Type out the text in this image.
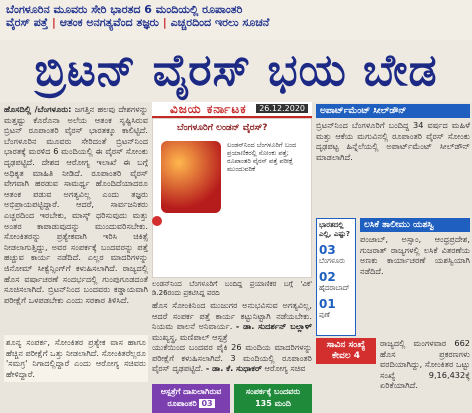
ಬೆಂಗಳೂರಿನ ಮೂವರು ಸೇರಿ ಭಾರತದ 6 ಮಂದಿಯಲ್ಲಿ ರೂಪಾಂತರಿ
ವೈರಸ್ ಪತ್ತೆ | ಆತಂಕ ಅನಗತ್ಯವೆಂದ ತಜ್ಞರು | ಎಚ್ಚರದಿಂದ ಇರಲು ಸೂಚನೆ
ಬ್ರಿಟನ್ ವೈರಸ್ ಭಯ ಬೇಡ
ಹೊಸದಿಲ್ಲಿ /ಬೆಂಗಳೂರು: ಜಗತ್ತಿನ ಹಲವು ದೇಶಗಳನ್ನು ಮತ್ತಷ್ಟು ಕೊರೊನಾ ಅಲೆಯ ಆತಂಕ ಸೃಷ್ಟಿಸಿರುವ ಬ್ರಿಟನ್ ರೂಪಾಂತರಿ ವೈರಸ್ ಭಾರತಕ್ಕೂ ಕಾಲಿಟ್ಟಿದೆ. ಬೆಂಗಳೂರಿನ ಮೂವರು ಸೇರಿದಂತೆ ಬ್ರಿಟನ್‌ನಿಂದ ಭಾರತಕ್ಕೆ ಮರಳಿದ 6 ಮಂದಿಯಲ್ಲಿ ಈ ವೈರಸ್ ಸೋಂಕು ದೃಢಪಟ್ಟಿದೆ. ದೇಶದ ಆರೋಗ್ಯ ಇಲಾಖೆ ಈ ಬಗ್ಗೆ ಅಧಿಕೃತ ಮಾಹಿತಿ ನೀಡಿದೆ. ರೂಪಾಂತರಿ ವೈರಸ್ ವೇಗವಾಗಿ ಹರಡುವ ಸಾಮರ್ಥ್ಯ ಹೊಂದಿದೆಯಾದರೂ ಆತಂಕ ಪಡುವ ಅಗತ್ಯವಿಲ್ಲ ಎಂದು ತಜ್ಞರು ಅಭಿಪ್ರಾಯಪಟ್ಟಿದ್ದಾರೆ. ಆದರೆ, ಸಾರ್ವಜನಿಕರು ಎಚ್ಚರದಿಂದ ಇರಬೇಕು, ಮಾಸ್ಕ್ ಧರಿಸುವುದು ಮತ್ತು ಅಂತರ ಕಾಪಾಡುವುದನ್ನು ಮುಂದುವರಿಸಬೇಕು. ಸೋಂಕಿತರನ್ನು ಪ್ರತ್ಯೇಕವಾಗಿ ಇರಿಸಿ ಚಿಕಿತ್ಸೆ ನೀಡಲಾಗುತ್ತಿದ್ದು, ಅವರ ಸಂಪರ್ಕಕ್ಕೆ ಬಂದವರನ್ನು ಪತ್ತೆ ಹಚ್ಚುವ ಕಾರ್ಯ ನಡೆದಿದೆ. ಎಲ್ಲರ ಮಾದರಿಗಳನ್ನು ಜಿನೋಮ್ ಸೀಕ್ವೆನ್ಸಿಂಗ್‌ಗೆ ಕಳುಹಿಸಲಾಗಿದೆ. ರಾಜ್ಯದಲ್ಲಿ ಹೊಸ ವರ್ಷಾಚರಣೆ ಸಂದರ್ಭದಲ್ಲಿ ಗುಂಪುಗೂಡದಂತೆ ಸೂಚಿಸಲಾಗಿದೆ. ಬ್ರಿಟನ್‌ನಿಂದ ಬಂದವರು ಕಡ್ಡಾಯವಾಗಿ ಪರೀಕ್ಷೆಗೆ ಒಳಪಡಬೇಕು ಎಂದು ಸರಕಾರ ತಿಳಿಸಿದೆ.
ಶೂನ್ಯ ಸಂಪರ್ಕ, ಸೋಂಕಿತರ ಪ್ರತ್ಯೇಕ ವಾಸ ಹಾಗೂ ಹೆಚ್ಚಿನ ಪರೀಕ್ಷೆಗೆ ಒತ್ತು ನೀಡಲಾಗಿದೆ. ಸೋಂಕಿತರೆಲ್ಲರೂ 'ಸಮಗ್ರ' ನಿಗಾದಲ್ಲಿದ್ದಾರೆ ಎಂದು ಆರೋಗ್ಯ ಸಚಿವರು ಹೇಳಿದ್ದಾರೆ.
ವಿಜಯ ಕರ್ನಾಟಕ	26.12.2020
ಬೆಂಗಳೂರಿಗೆ ಲಂಡನ್ ವೈರಸ್?
ಲಂಡನ್‌ನಿಂದ ಬೆಂಗಳೂರಿಗೆ ಬಂದ ಪ್ರಯಾಣಿಕರಲ್ಲಿ ಸೋಂಕು ಪತ್ತೆ; ರೂಪಾಂತರಿ ವೈರಸ್ ಪತ್ತೆ ಪರೀಕ್ಷೆ ಮುಂದುವರಿಕೆ
ಲಂಡನ್‌ನಿಂದ ಬೆಂಗಳೂರಿಗೆ ಬಂದಿದ್ದ ಪ್ರಯಾಣಿಕರ ಬಗ್ಗೆ 'ವಿಕ' ಡಿ.26ರಂದು ಪ್ರಕಟಿಸಿದ್ದ ವರದಿ
ಹೊಸ ಸೋಂಕಿನಿಂದ ಮುಜುಗರ ಅನುಭವಿಸುವ ಅಗತ್ಯವಿಲ್ಲ, ಆದರೆ ಸಂಪರ್ಕ ಪತ್ತೆ ಕಾರ್ಯ ಕಟ್ಟುನಿಟ್ಟಾಗಿ ನಡೆಯಬೇಕು. ನಿಯಮ ಪಾಲನೆ ಅನಿವಾರ್ಯ. - ಡಾ. ಸುದರ್ಶನ್ ಬಲ್ಲಾಳ್ ಮುಖ್ಯಸ್ಥ, ಮಣಿಪಾಲ್ ಆಸ್ಪತ್ರೆ
ಯುಕೆಯಿಂದ ಬಂದವರ ಪೈಕಿ 26 ಮಂದಿಯ ಮಾದರಿಗಳನ್ನು ಪರೀಕ್ಷೆಗೆ ಕಳುಹಿಸಲಾಗಿದೆ. 3 ಮಂದಿಯಲ್ಲಿ ರೂಪಾಂತರಿ ವೈರಸ್ ದೃಢಪಟ್ಟಿದೆ. - ಡಾ. ಕೆ. ಸುಧಾಕರ್ ಆರೋಗ್ಯ ಸಚಿವ
ಅಪಾರ್ಟ್‌ಮೆಂಟ್ ಸೀಲ್‌ಡೌನ್
ಬ್ರಿಟನ್‌ನಿಂದ ಬೆಂಗಳೂರಿಗೆ ಬಂದಿದ್ದ 34 ವರ್ಷದ ಮಹಿಳೆ ಮತ್ತು ಆಕೆಯ ಮಗುವಿನಲ್ಲಿ ರೂಪಾಂತರಿ ವೈರಸ್ ಸೋಂಕು ದೃಢಪಟ್ಟ ಹಿನ್ನೆಲೆಯಲ್ಲಿ ಅಪಾರ್ಟ್‌ಮೆಂಟ್ ಸೀಲ್‌ಡೌನ್ ಮಾಡಲಾಗಿದೆ.
ಭಾರತದಲ್ಲಿ ಎಲ್ಲಿ, ಎಷ್ಟು?
03
ಬೆಂಗಳೂರು
02
ಹೈದರಾಬಾದ್
01
ಪುಣೆ
ಲಸಿಕೆ ತಾಲೀಮು ಯಶಸ್ವಿ
ಪಂಜಾಬ್, ಅಸ್ಸಾಂ, ಆಂಧ್ರಪ್ರದೇಶ, ಗುಜರಾತ್ ರಾಜ್ಯಗಳಲ್ಲಿ ಲಸಿಕೆ ವಿತರಣೆಯ ಅಣಕು ಕಾರ್ಯಾಚರಣೆ ಯಶಸ್ವಿಯಾಗಿ ನಡೆದಿದೆ.
ಸಾವಿನ ಸಂಖ್ಯೆ ಕೇವಲ 4
ರಾಜ್ಯದಲ್ಲಿ ಮಂಗಳವಾರ 662 ಹೊಸ ಪ್ರಕರಣಗಳು ವರದಿಯಾಗಿದ್ದು, ಸೋಂಕಿತರ ಒಟ್ಟು ಸಂಖ್ಯೆ 9,16,432ಕ್ಕೆ ಏರಿಕೆಯಾಗಿದೆ.
ಆಸ್ಪತ್ರೆಗೆ ದಾಖಲಾಗಿರುವ
ರೂಪಾಂತರಿ 03
ಸಂಪರ್ಕಕ್ಕೆ ಬಂದವರು
135 ಮಂದಿ
